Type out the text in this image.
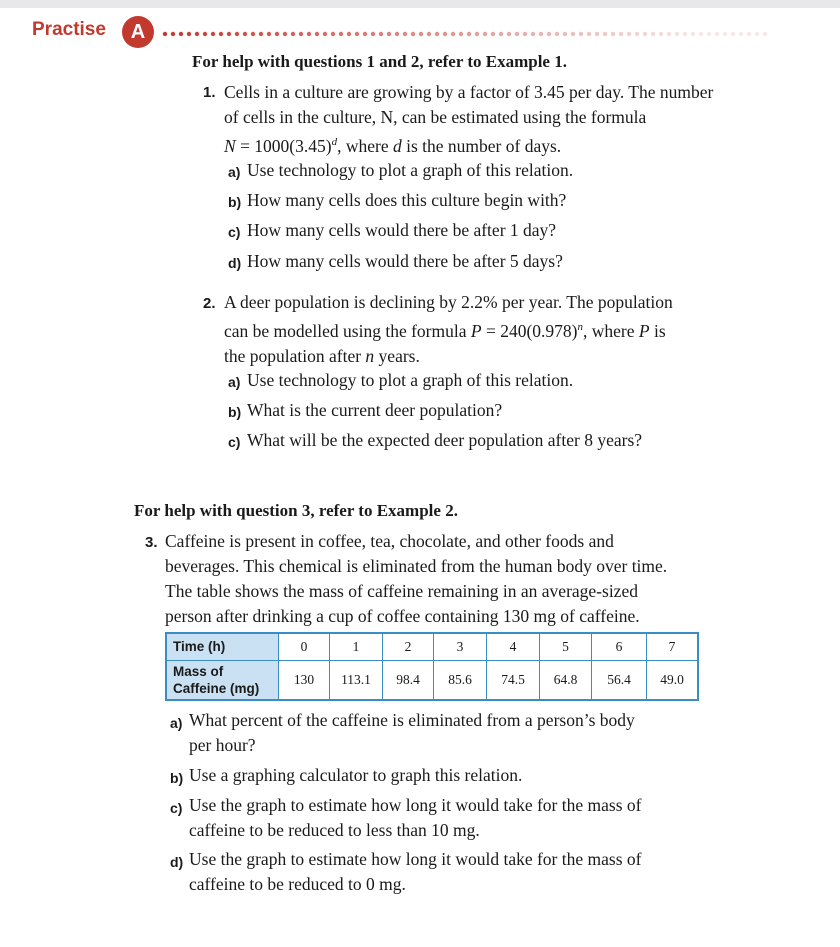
Practise	A
For help with questions 1 and 2, refer to Example 1.
1. Cells in a culture are growing by a factor of 3.45 per day. The number
of cells in the culture, N, can be estimated using the formula
$N = 1000(3.45)^d$, where d is the number of days.
a) Use technology to plot a graph of this relation.
b) How many cells does this culture begin with?
c) How many cells would there be after 1 day?
d) How many cells would there be after 5 days?
2. A deer population is declining by 2.2% per year. The population
can be modelled using the formula $P = 240(0.978)^n$, where P is
the population after n years.
a) Use technology to plot a graph of this relation.
b) What is the current deer population?
c) What will be the expected deer population after 8 years?
For help with question 3, refer to Example 2.
3. Caffeine is present in coffee, tea, chocolate, and other foods and
beverages. This chemical is eliminated from the human body over time.
The table shows the mass of caffeine remaining in an average-sized
person after drinking a cup of coffee containing 130 mg of caffeine.
Time (h)	0	1	2	3	4	5	6	7

Mass of
Caffeine (mg)	130	113.1	98.4	85.6	74.5	64.8	56.4	49.0
a) What percent of the caffeine is eliminated from a person’s body
per hour?
b) Use a graphing calculator to graph this relation.
c) Use the graph to estimate how long it would take for the mass of
caffeine to be reduced to less than 10 mg.
d) Use the graph to estimate how long it would take for the mass of
caffeine to be reduced to 0 mg.
